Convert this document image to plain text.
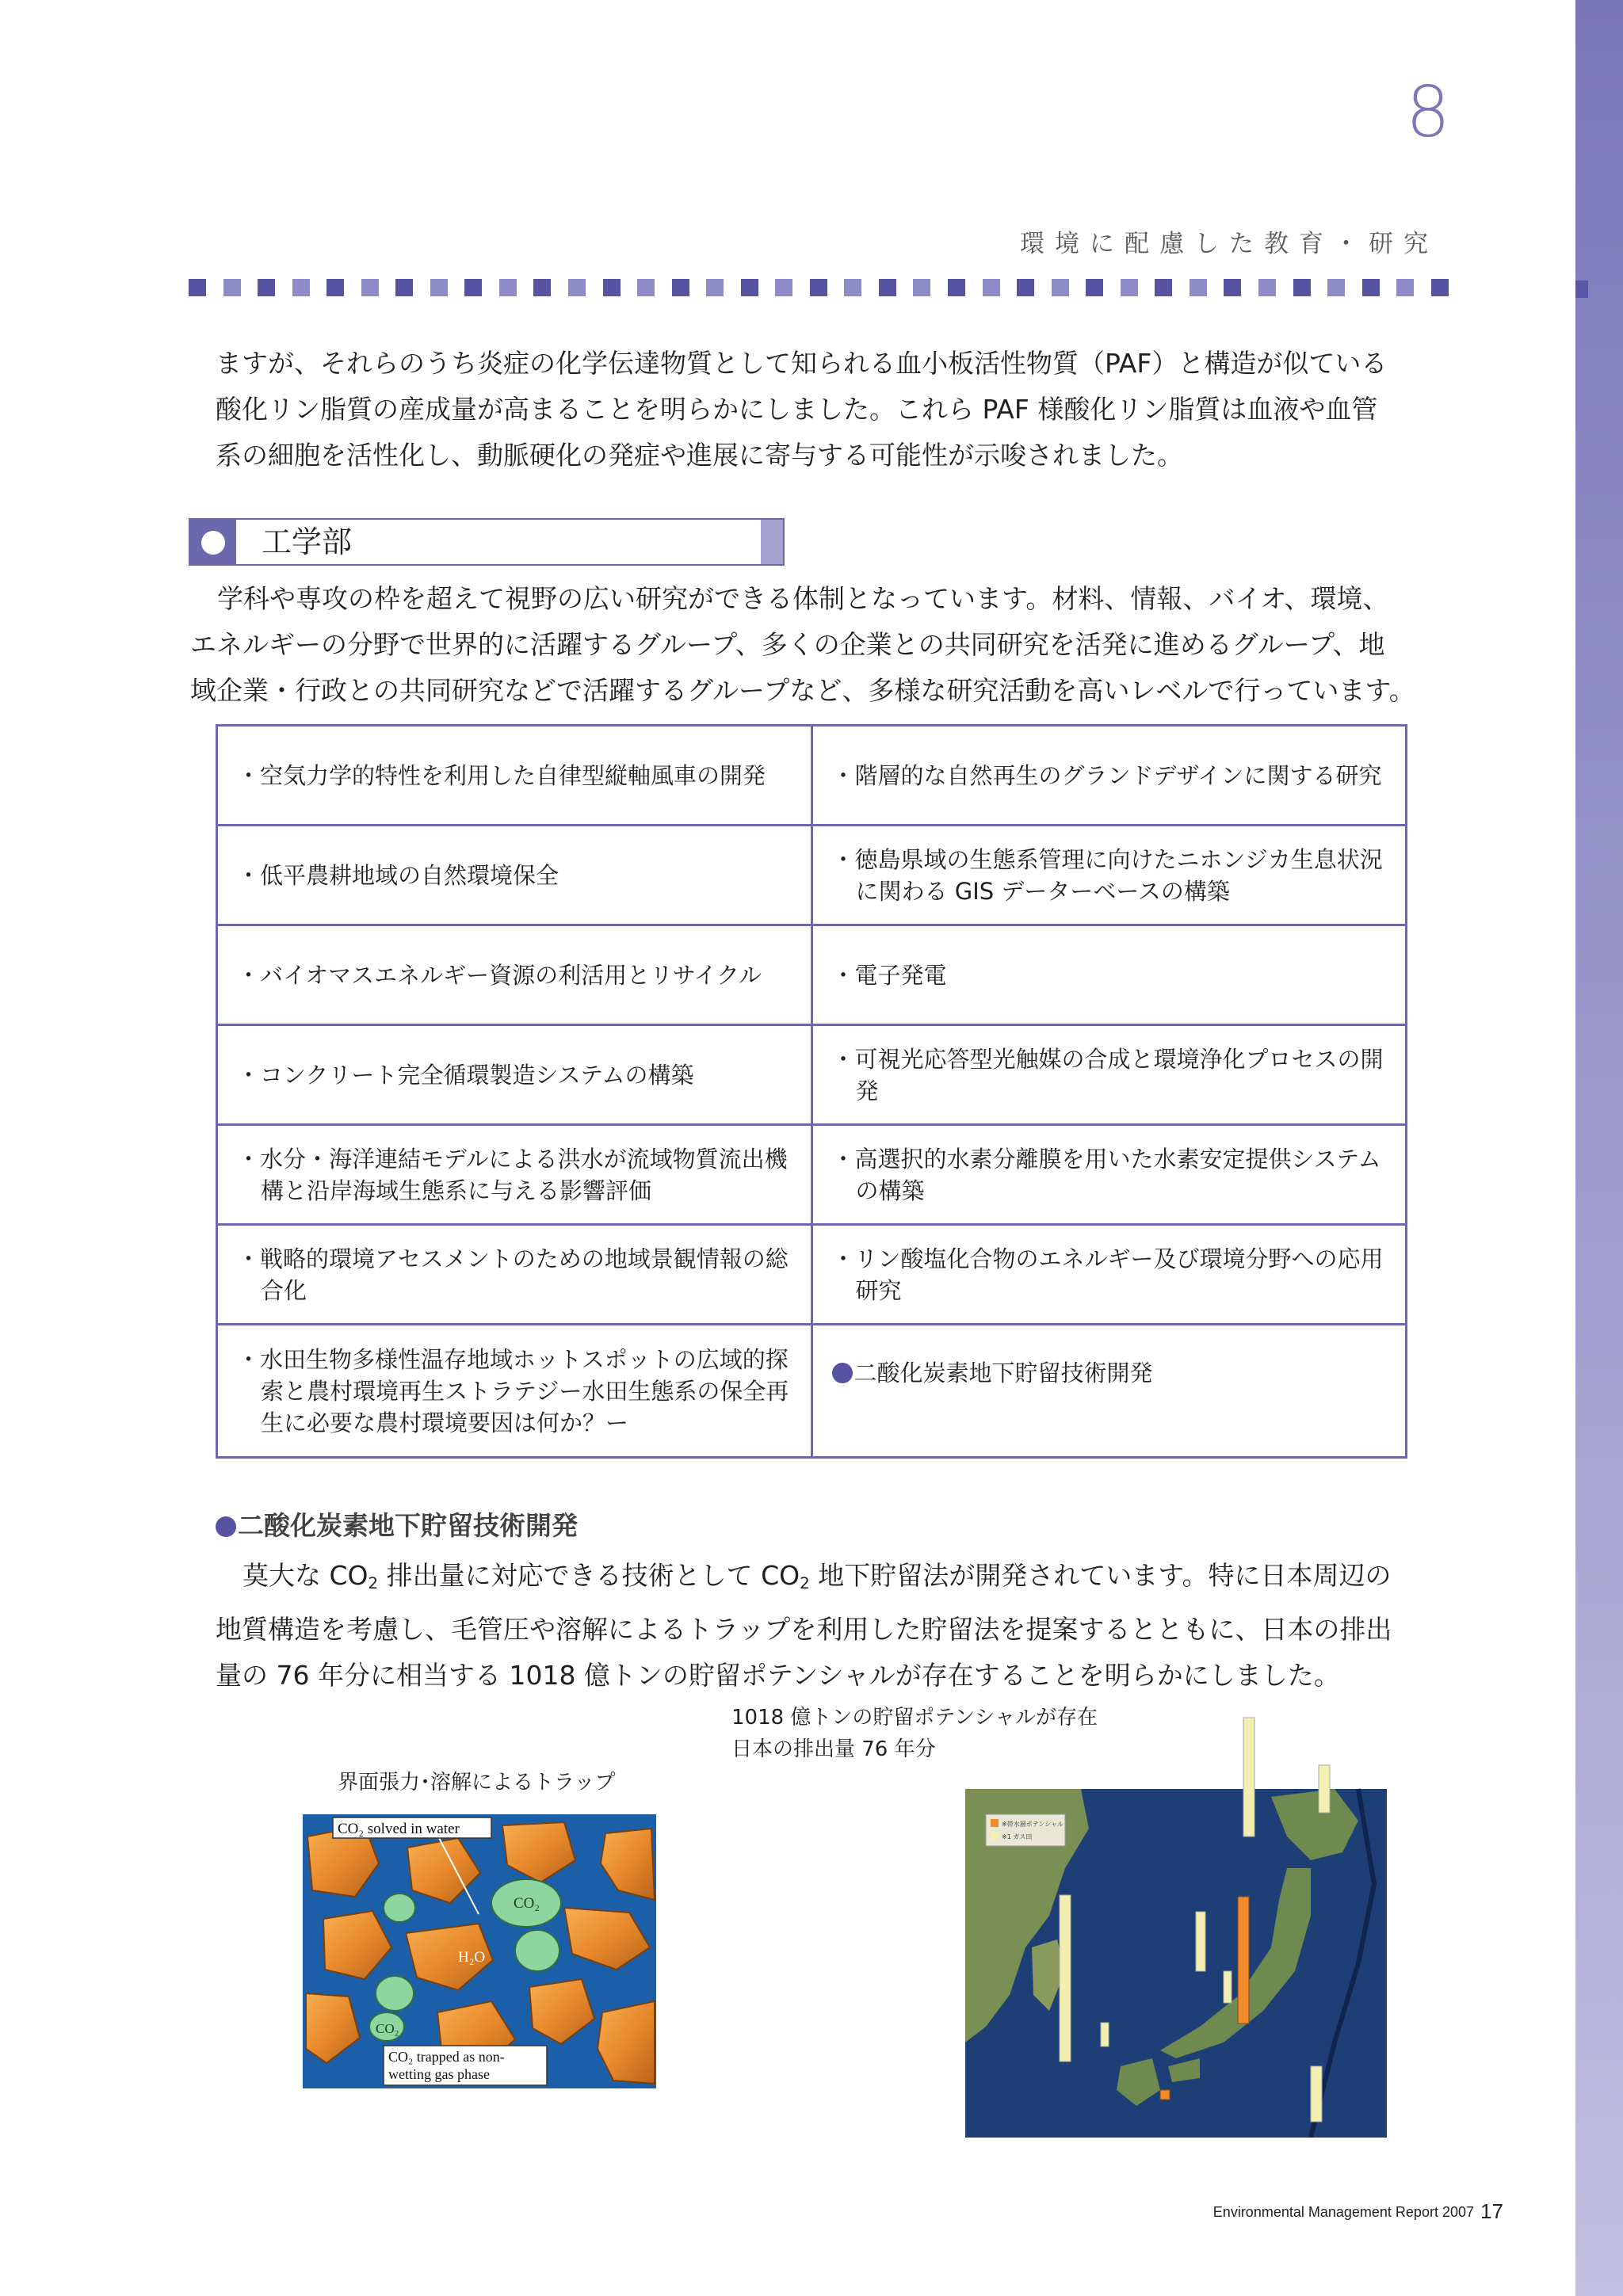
8
環境に配慮した教育・研究
ますが、それらのうち炎症の化学伝達物質として知られる血小板活性物質（PAF）と構造が似ている
酸化リン脂質の産成量が高まることを明らかにしました。これら PAF 様酸化リン脂質は血液や血管
系の細胞を活性化し、動脈硬化の発症や進展に寄与する可能性が示唆されました。
工学部
学科や専攻の枠を超えて視野の広い研究ができる体制となっています。材料、情報、バイオ、環境、
エネルギーの分野で世界的に活躍するグループ、多くの企業との共同研究を活発に進めるグループ、地
域企業・行政との共同研究などで活躍するグループなど、多様な研究活動を高いレベルで行っています。
・ 空気力学的特性を利用した自律型縦軸風車の開発	・ 階層的な自然再生のグランドデザインに関する研究

・ 低平農耕地域の自然環境保全	・ 徳島県域の生態系管理に向けたニホンジカ生息状況に関わる GIS データーベースの構築

・ バイオマスエネルギー資源の利活用とリサイクル	・ 電子発電

・ コンクリート完全循環製造システムの構築	・ 可視光応答型光触媒の合成と環境浄化プロセスの開発

・ 水分・海洋連結モデルによる洪水が流域物質流出機構と沿岸海域生態系に与える影響評価	・ 高選択的水素分離膜を用いた水素安定提供システムの構築

・ 戦略的環境アセスメントのための地域景観情報の総合化	・ リン酸塩化合物のエネルギー及び環境分野への応用研究

・ 水田生物多様性温存地域ホットスポットの広域的探索と農村環境再生ストラテジー水田生態系の保全再生に必要な農村環境要因は何か？ー	二酸化炭素地下貯留技術開発
二酸化炭素地下貯留技術開発
莫大な $CO_2$ 排出量に対応できる技術として $CO_2$ 地下貯留法が開発されています。特に日本周辺の
地質構造を考慮し、毛管圧や溶解によるトラップを利用した貯留法を提案するとともに、日本の排出
量の 76 年分に相当する 1018 億トンの貯留ポテンシャルが存在することを明らかにしました。
1018 億トンの貯留ポテンシャルが存在
日本の排出量 76 年分
界面張力･溶解によるトラップ
CO₂ solved in water
CO₂
H₂O
CO₂
CO₂ trapped as non-
wetting gas phase
※帯水層ポテンシャル
※1 ガス田
Environmental Management Report 2007 17
